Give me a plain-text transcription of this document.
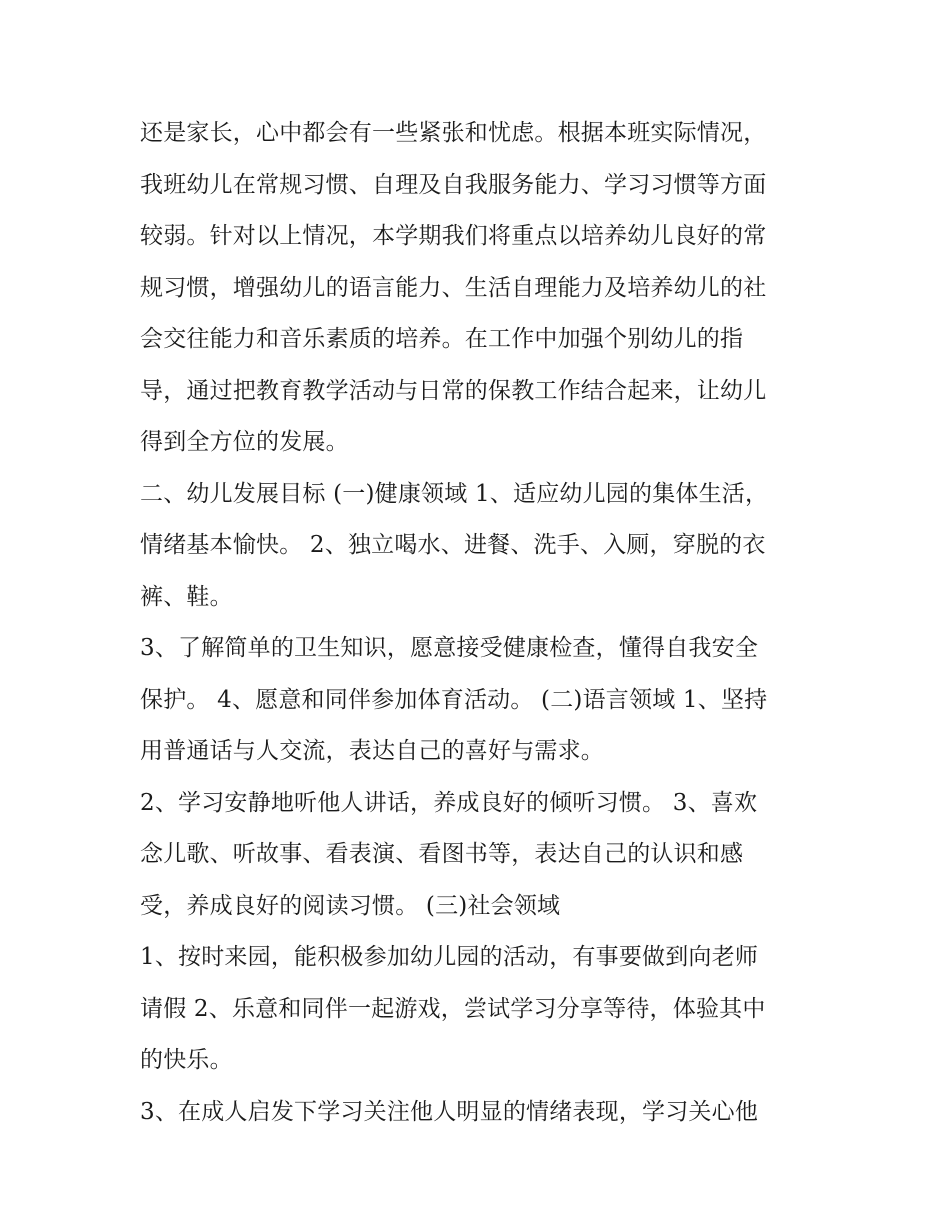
还是家长，心中都会有一些紧张和忧虑。根据本班实际情况，
我班幼儿在常规习惯、自理及自我服务能力、学习习惯等方面
较弱。针对以上情况，本学期我们将重点以培养幼儿良好的常
规习惯，增强幼儿的语言能力、生活自理能力及培养幼儿的社
会交往能力和音乐素质的培养。在工作中加强个别幼儿的指
导，通过把教育教学活动与日常的保教工作结合起来，让幼儿
得到全方位的发展。
二、幼儿发展目标 (一)健康领域 1、适应幼儿园的集体生活，
情绪基本愉快。 2、独立喝水、进餐、洗手、入厕，穿脱的衣
裤、鞋。
3、了解简单的卫生知识，愿意接受健康检查，懂得自我安全
保护。 4、愿意和同伴参加体育活动。 (二)语言领域 1、坚持
用普通话与人交流，表达自己的喜好与需求。
2、学习安静地听他人讲话，养成良好的倾听习惯。 3、喜欢
念儿歌、听故事、看表演、看图书等，表达自己的认识和感
受，养成良好的阅读习惯。 (三)社会领域
1、按时来园，能积极参加幼儿园的活动，有事要做到向老师
请假 2、乐意和同伴一起游戏，尝试学习分享等待，体验其中
的快乐。
3、在成人启发下学习关注他人明显的情绪表现，学习关心他
